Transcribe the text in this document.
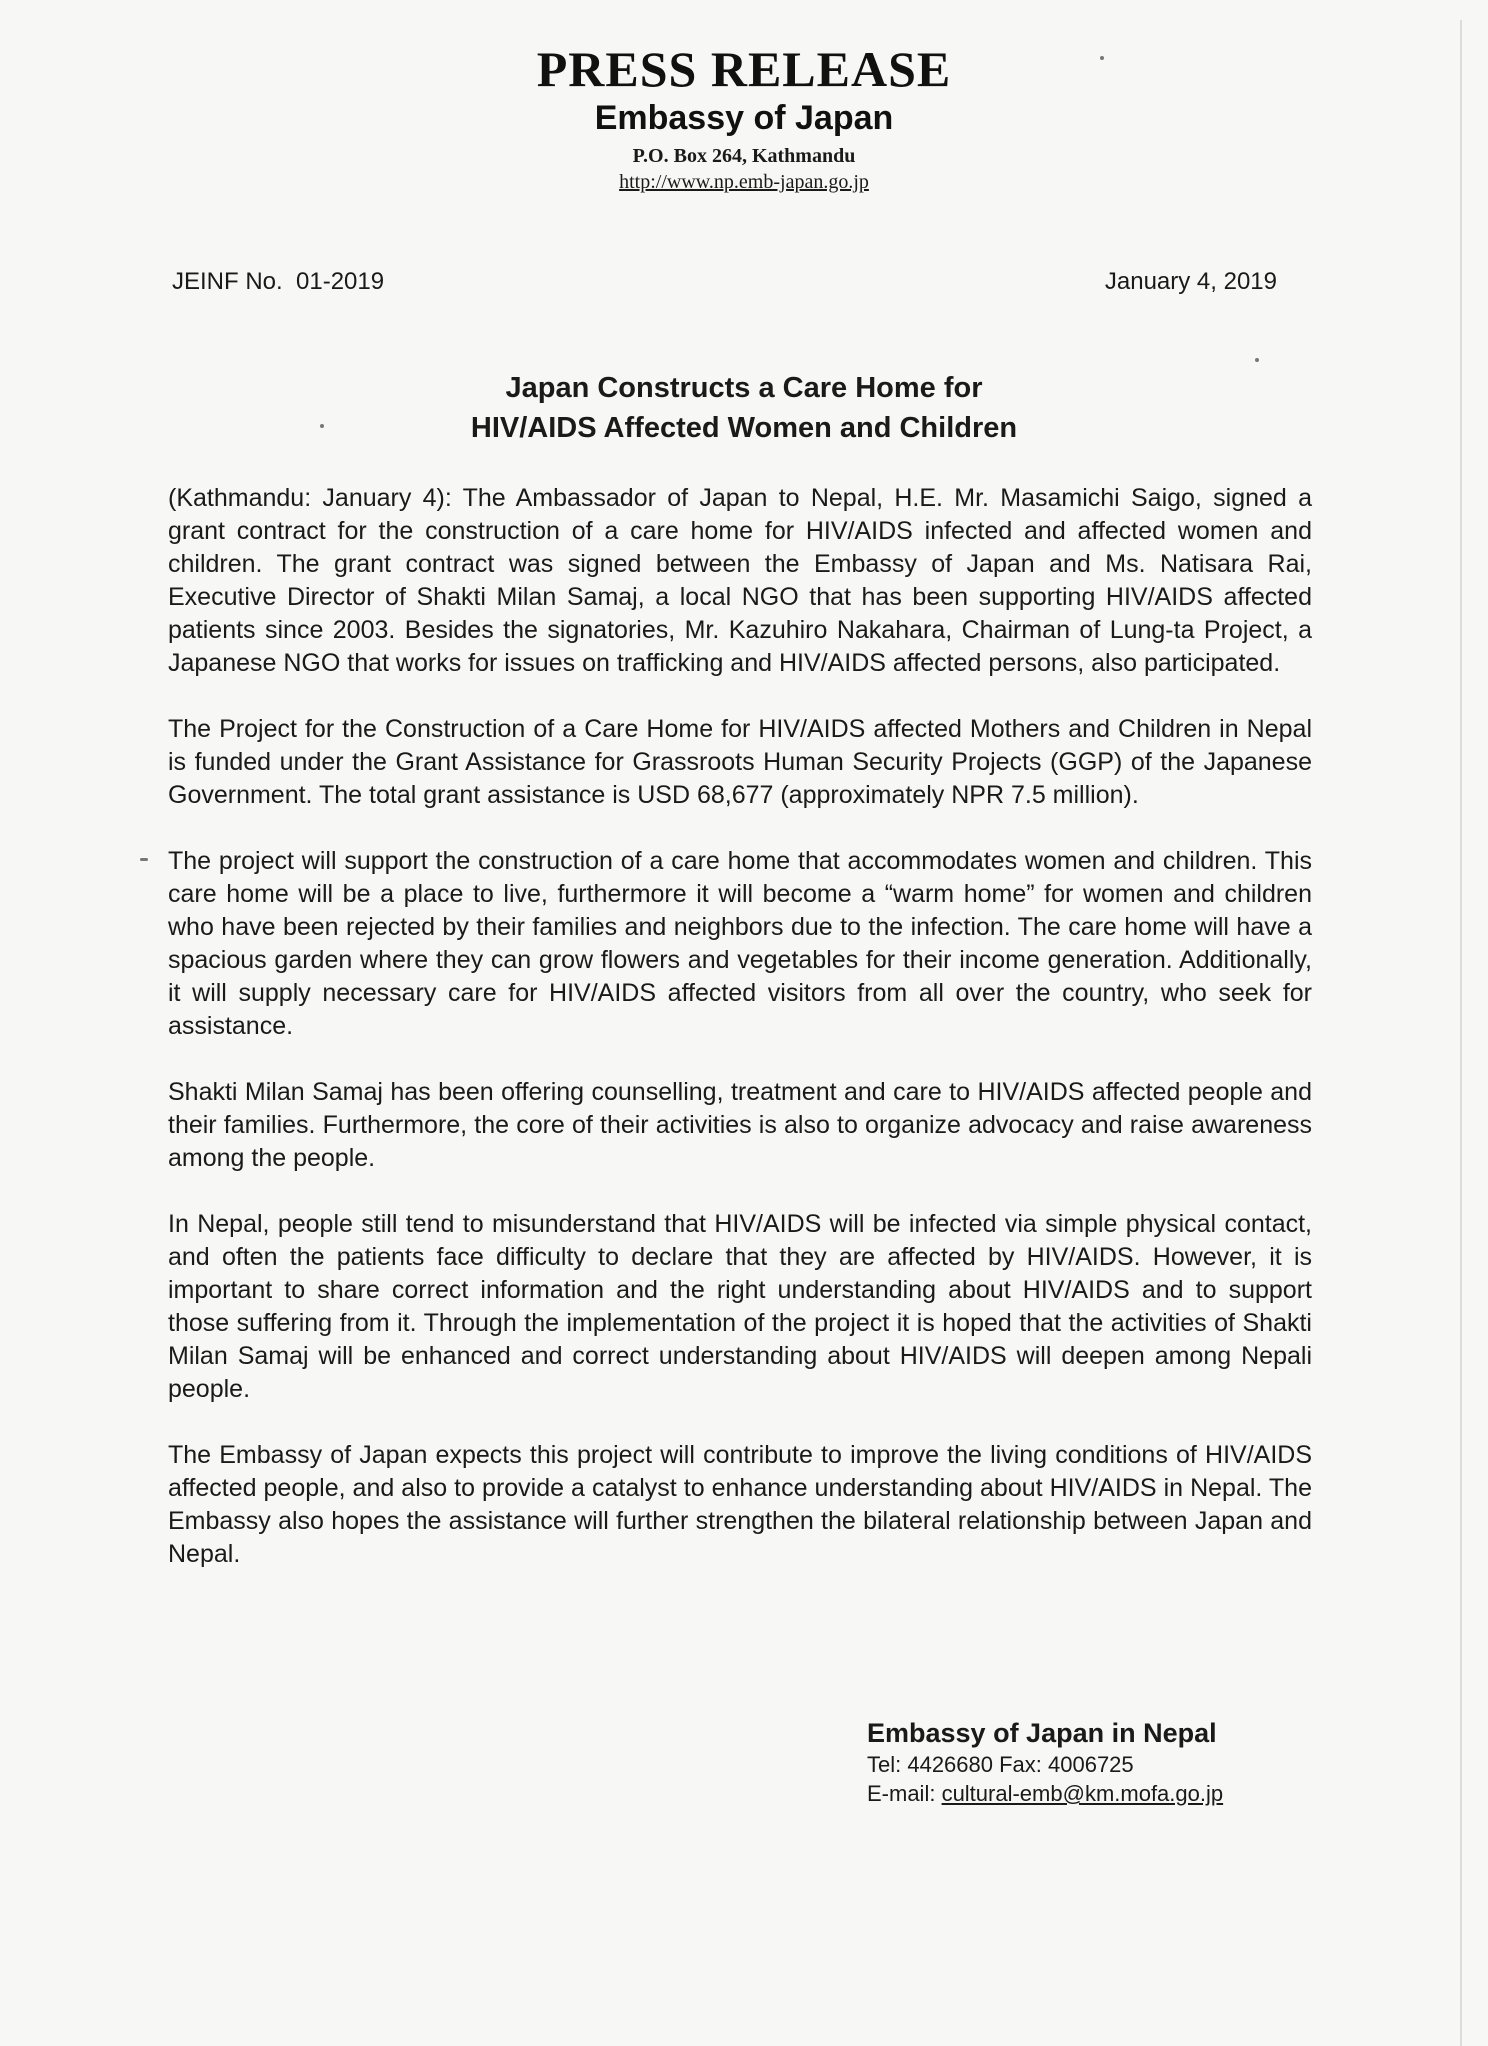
PRESS RELEASE
Embassy of Japan
P.O. Box 264, Kathmandu
http://www.np.emb-japan.go.jp
JEINF No.  01-2019	January 4, 2019
Japan Constructs a Care Home for
HIV/AIDS Affected Women and Children

(Kathmandu: January 4): The Ambassador of Japan to Nepal, H.E. Mr. Masamichi Saigo, signed a grant contract for the construction of a care home for HIV/AIDS infected and affected women and children. The grant contract was signed between the Embassy of Japan and Ms. Natisara Rai, Executive Director of Shakti Milan Samaj, a local NGO that has been supporting HIV/AIDS affected patients since 2003. Besides the signatories, Mr. Kazuhiro Nakahara, Chairman of Lung-ta Project, a Japanese NGO that works for issues on trafficking and HIV/AIDS affected persons, also participated.

The Project for the Construction of a Care Home for HIV/AIDS affected Mothers and Children in Nepal is funded under the Grant Assistance for Grassroots Human Security Projects (GGP) of the Japanese Government. The total grant assistance is USD 68,677 (approximately NPR 7.5 million).

The project will support the construction of a care home that accommodates women and children. This care home will be a place to live, furthermore it will become a “warm home” for women and children who have been rejected by their families and neighbors due to the infection. The care home will have a spacious garden where they can grow flowers and vegetables for their income generation. Additionally, it will supply necessary care for HIV/AIDS affected visitors from all over the country, who seek for assistance.

Shakti Milan Samaj has been offering counselling, treatment and care to HIV/AIDS affected people and their families. Furthermore, the core of their activities is also to organize advocacy and raise awareness among the people.

In Nepal, people still tend to misunderstand that HIV/AIDS will be infected via simple physical contact, and often the patients face difficulty to declare that they are affected by HIV/AIDS. However, it is important to share correct information and the right understanding about HIV/AIDS and to support those suffering from it. Through the implementation of the project it is hoped that the activities of Shakti Milan Samaj will be enhanced and correct understanding about HIV/AIDS will deepen among Nepali people.

The Embassy of Japan expects this project will contribute to improve the living conditions of HIV/AIDS affected people, and also to provide a catalyst to enhance understanding about HIV/AIDS in Nepal. The Embassy also hopes the assistance will further strengthen the bilateral relationship between Japan and Nepal.

Embassy of Japan in Nepal
Tel: 4426680 Fax: 4006725
E-mail: cultural-emb@km.mofa.go.jp
